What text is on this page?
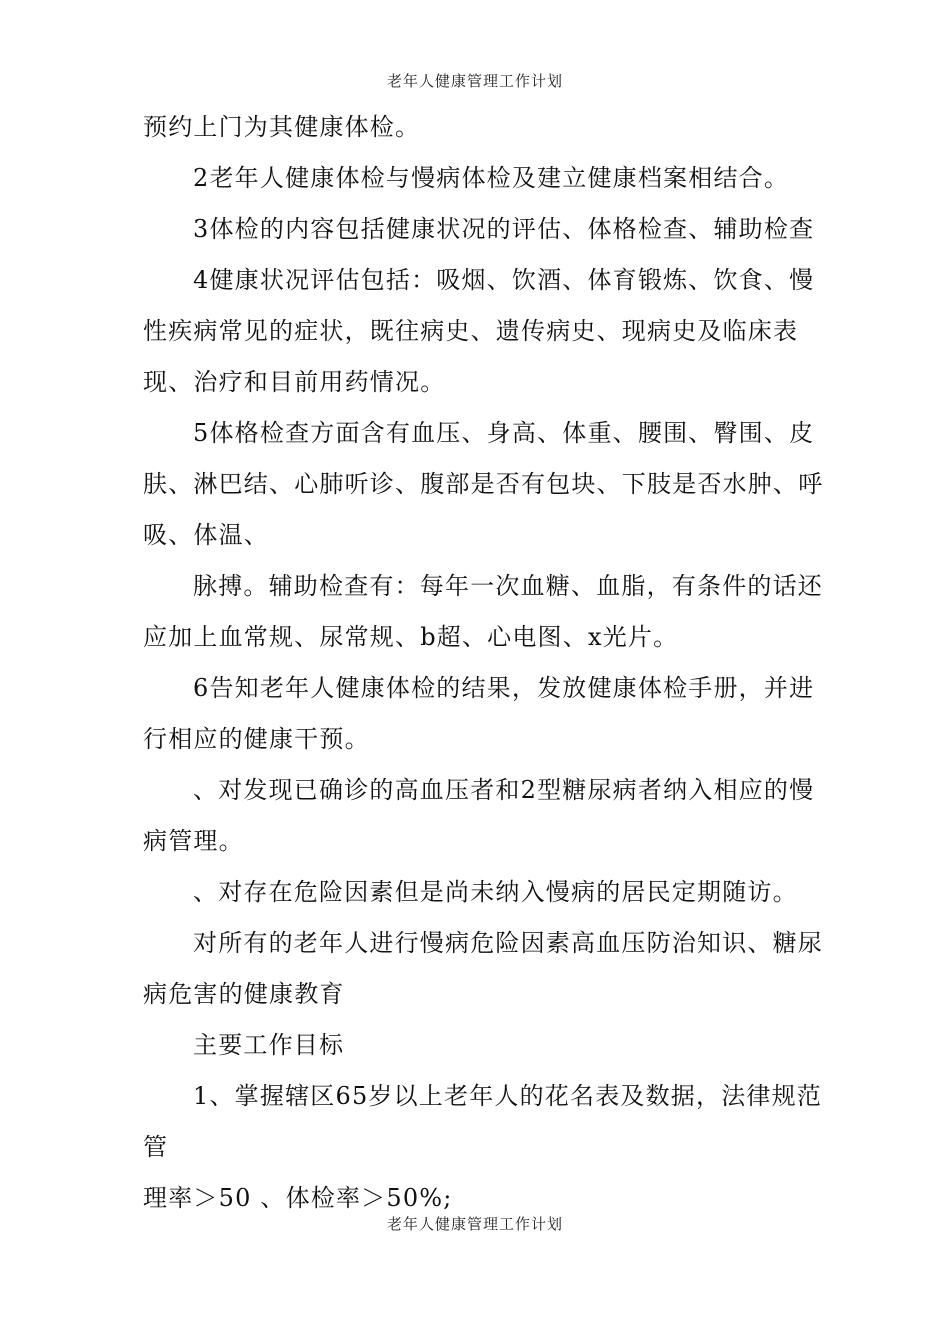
老年人健康管理工作计划
预约上门为其健康体检。
2老年人健康体检与慢病体检及建立健康档案相结合。
3体检的内容包括健康状况的评估、体格检查、辅助检查
4健康状况评估包括：吸烟、饮酒、体育锻炼、饮食、慢
性疾病常见的症状，既往病史、遗传病史、现病史及临床表
现、治疗和目前用药情况。
5体格检查方面含有血压、身高、体重、腰围、臀围、皮
肤、淋巴结、心肺听诊、腹部是否有包块、下肢是否水肿、呼
吸、体温、
脉搏。辅助检查有：每年一次血糖、血脂，有条件的话还
应加上血常规、尿常规、b超、心电图、x光片。
6告知老年人健康体检的结果，发放健康体检手册，并进
行相应的健康干预。
、对发现已确诊的高血压者和2型糖尿病者纳入相应的慢
病管理。
、对存在危险因素但是尚未纳入慢病的居民定期随访。
对所有的老年人进行慢病危险因素高血压防治知识、糖尿
病危害的健康教育
主要工作目标
1、掌握辖区65岁以上老年人的花名表及数据，法律规范
管
理率＞50 、体检率＞50%;
老年人健康管理工作计划
